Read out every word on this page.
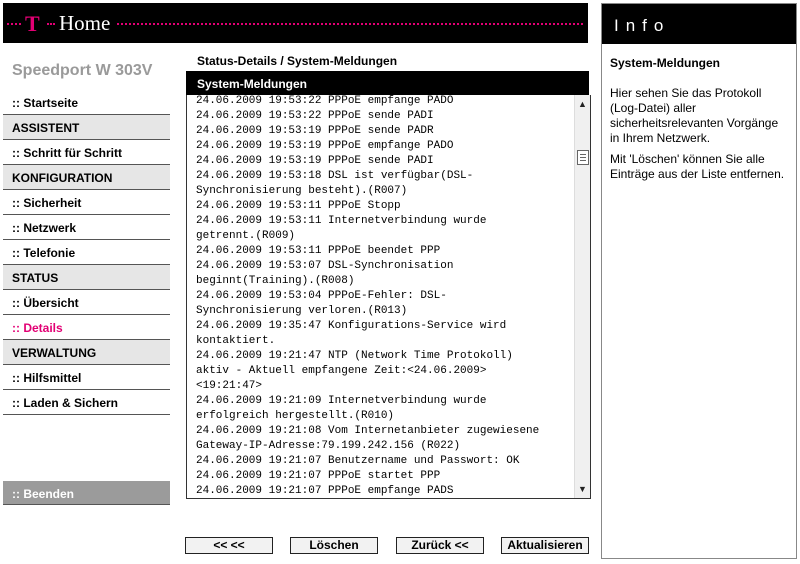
T Home
Speedport W 303V
:: Startseite
ASSISTENT
:: Schritt für Schritt
KONFIGURATION
:: Sicherheit
:: Netzwerk
:: Telefonie
STATUS
:: Übersicht
:: Details
VERWALTUNG
:: Hilfsmittel
:: Laden & Sichern
:: Beenden
Status-Details / System-Meldungen
System-Meldungen
24.06.2009 19:53:22 PPPoE empfange PADO
24.06.2009 19:53:22 PPPoE sende PADI
24.06.2009 19:53:19 PPPoE sende PADR
24.06.2009 19:53:19 PPPoE empfange PADO
24.06.2009 19:53:19 PPPoE sende PADI
24.06.2009 19:53:18 DSL ist verfügbar(DSL-
Synchronisierung besteht).(R007)
24.06.2009 19:53:11 PPPoE Stopp
24.06.2009 19:53:11 Internetverbindung wurde
getrennt.(R009)
24.06.2009 19:53:11 PPPoE beendet PPP
24.06.2009 19:53:07 DSL-Synchronisation
beginnt(Training).(R008)
24.06.2009 19:53:04 PPPoE-Fehler: DSL-
Synchronisierung verloren.(R013)
24.06.2009 19:35:47 Konfigurations-Service wird
kontaktiert.
24.06.2009 19:21:47 NTP (Network Time Protokoll)
aktiv - Aktuell empfangene Zeit:<24.06.2009>
<19:21:47>
24.06.2009 19:21:09 Internetverbindung wurde
erfolgreich hergestellt.(R010)
24.06.2009 19:21:08 Vom Internetanbieter zugewiesene
Gateway-IP-Adresse:79.199.242.156 (R022)
24.06.2009 19:21:07 Benutzername und Passwort: OK
24.06.2009 19:21:07 PPPoE startet PPP
24.06.2009 19:21:07 PPPoE empfange PADS
▲
▼
<< <<	Löschen	Zurück <<	Aktualisieren
Info
System-Meldungen
Hier sehen Sie das Protokoll (Log-Datei) aller sicherheitsrelevanten Vorgänge in Ihrem Netzwerk.
Mit 'Löschen' können Sie alle Einträge aus der Liste entfernen.
